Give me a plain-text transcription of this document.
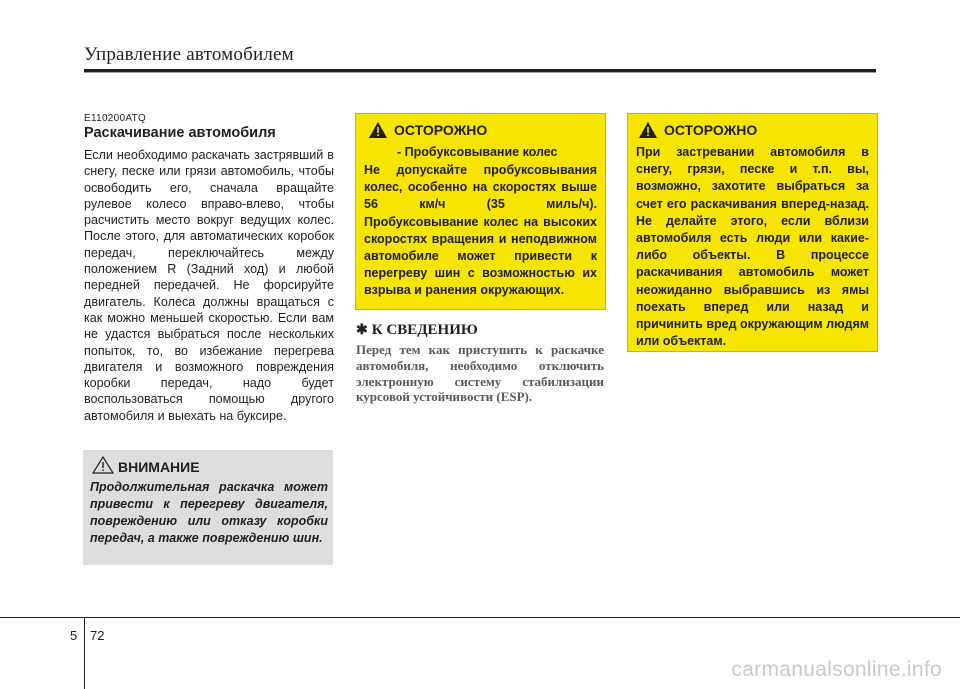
Управление автомобилем
E110200ATQ
Раскачивание автомобиля
Если необходимо раскачать застрявший в снегу, песке или грязи автомобиль, чтобы освободить его, сначала вращайте рулевое колесо вправо-влево, чтобы расчистить место вокруг ведущих колес. После этого, для автоматических коробок передач, переключайтесь между положением R (Задний ход) и любой передней передачей. Не форсируйте двигатель. Колеса должны вращаться с как можно меньшей скоростью. Если вам не удастся выбраться после нескольких попыток, то, во избежание перегрева двигателя и возможного повреждения коробки передач, надо будет воспользоваться помощью другого автомобиля и выехать на буксире.
ВНИМАНИЕ
Продолжительная раскачка может привести к перегреву двигателя, повреждению или отказу коробки передач, а также повреждению шин.
ОСТОРОЖНО
- Пробуксовывание колес
Не допускайте пробуксовывания колес, особенно на скоростях выше 56 км/ч (35 миль/ч). Пробуксовывание колес на высоких скоростях вращения и неподвижном автомобиле может привести к перегреву шин с возможностью их взрыва и ранения окружающих.
✱ К СВЕДЕНИЮ
Перед тем как приступить к раскачке автомобиля, необходимо отключить электронную систему стабилизации курсовой устойчивости (ESP).
ОСТОРОЖНО
При застревании автомобиля в снегу, грязи, песке и т.п. вы, возможно, захотите выбраться за счет его раскачивания вперед-назад. Не делайте этого, если вблизи автомобиля есть люди или какие-либо объекты. В процессе раскачивания автомобиль может неожиданно выбравшись из ямы поехать вперед или назад и причинить вред окружающим людям или объектам.
5 72
carmanualsonline.info
